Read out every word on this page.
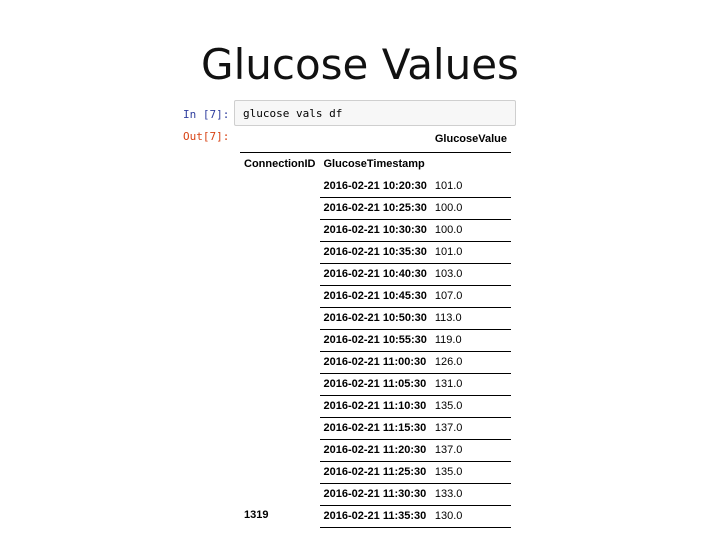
Glucose Values
In [7]: glucose vals df
Out[7]:
			GlucoseValue
ConnectionID	GlucoseTimestamp	
1319	2016-02-21 10:20:30	101.0
	2016-02-21 10:25:30	100.0
	2016-02-21 10:30:30	100.0
	2016-02-21 10:35:30	101.0
	2016-02-21 10:40:30	103.0
	2016-02-21 10:45:30	107.0
	2016-02-21 10:50:30	113.0
	2016-02-21 10:55:30	119.0
	2016-02-21 11:00:30	126.0
	2016-02-21 11:05:30	131.0
	2016-02-21 11:10:30	135.0
	2016-02-21 11:15:30	137.0
	2016-02-21 11:20:30	137.0
	2016-02-21 11:25:30	135.0
	2016-02-21 11:30:30	133.0
	2016-02-21 11:35:30	130.0
